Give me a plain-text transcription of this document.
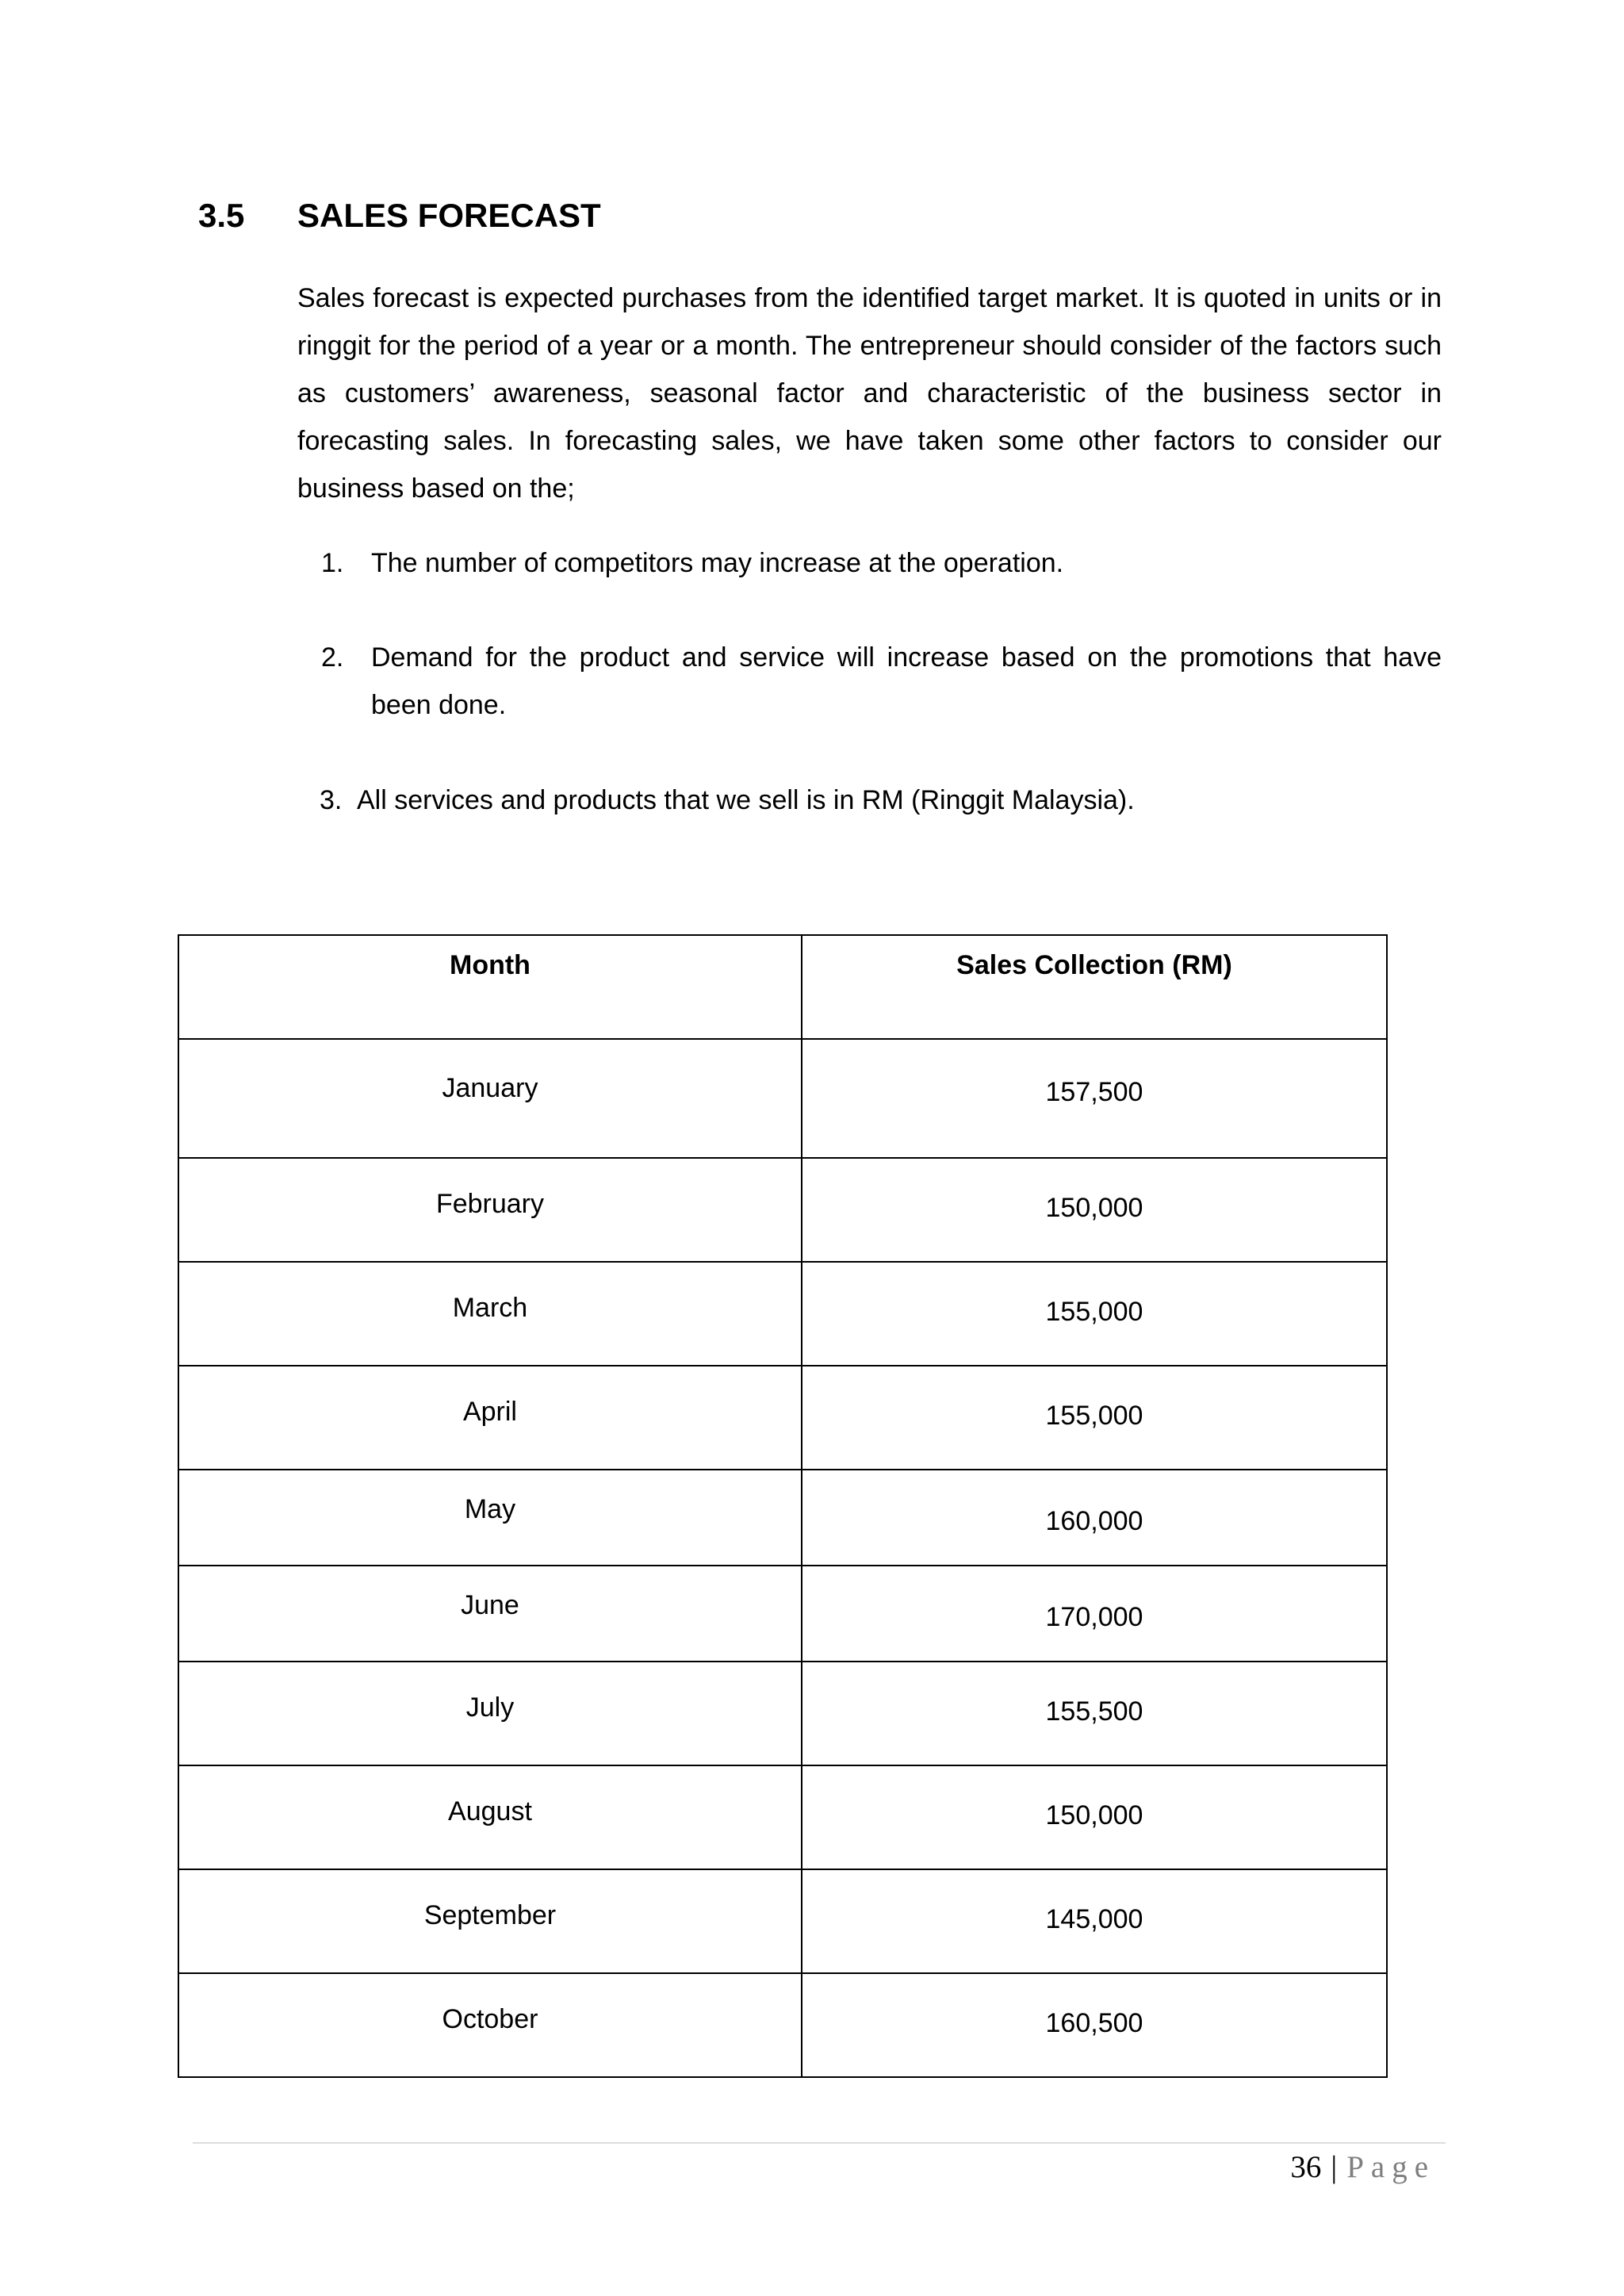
3.5	SALES FORECAST

Sales forecast is expected purchases from the identified target market. It is quoted in units or in ringgit for the period of a year or a month. The entrepreneur should consider of the factors such as customers’ awareness, seasonal factor and characteristic of the business sector in forecasting sales. In forecasting sales, we have taken some other factors to consider our business based on the;

1.	The number of competitors may increase at the operation.
2.	Demand for the product and service will increase based on the promotions that have been done.
3. All services and products that we sell is in RM (Ringgit Malaysia).
Month	Sales Collection (RM)

January	157,500

February	150,000

March	155,000

April	155,000

May	160,000

June	170,000

July	155,500

August	150,000

September	145,000

October	160,500
36 | Page
